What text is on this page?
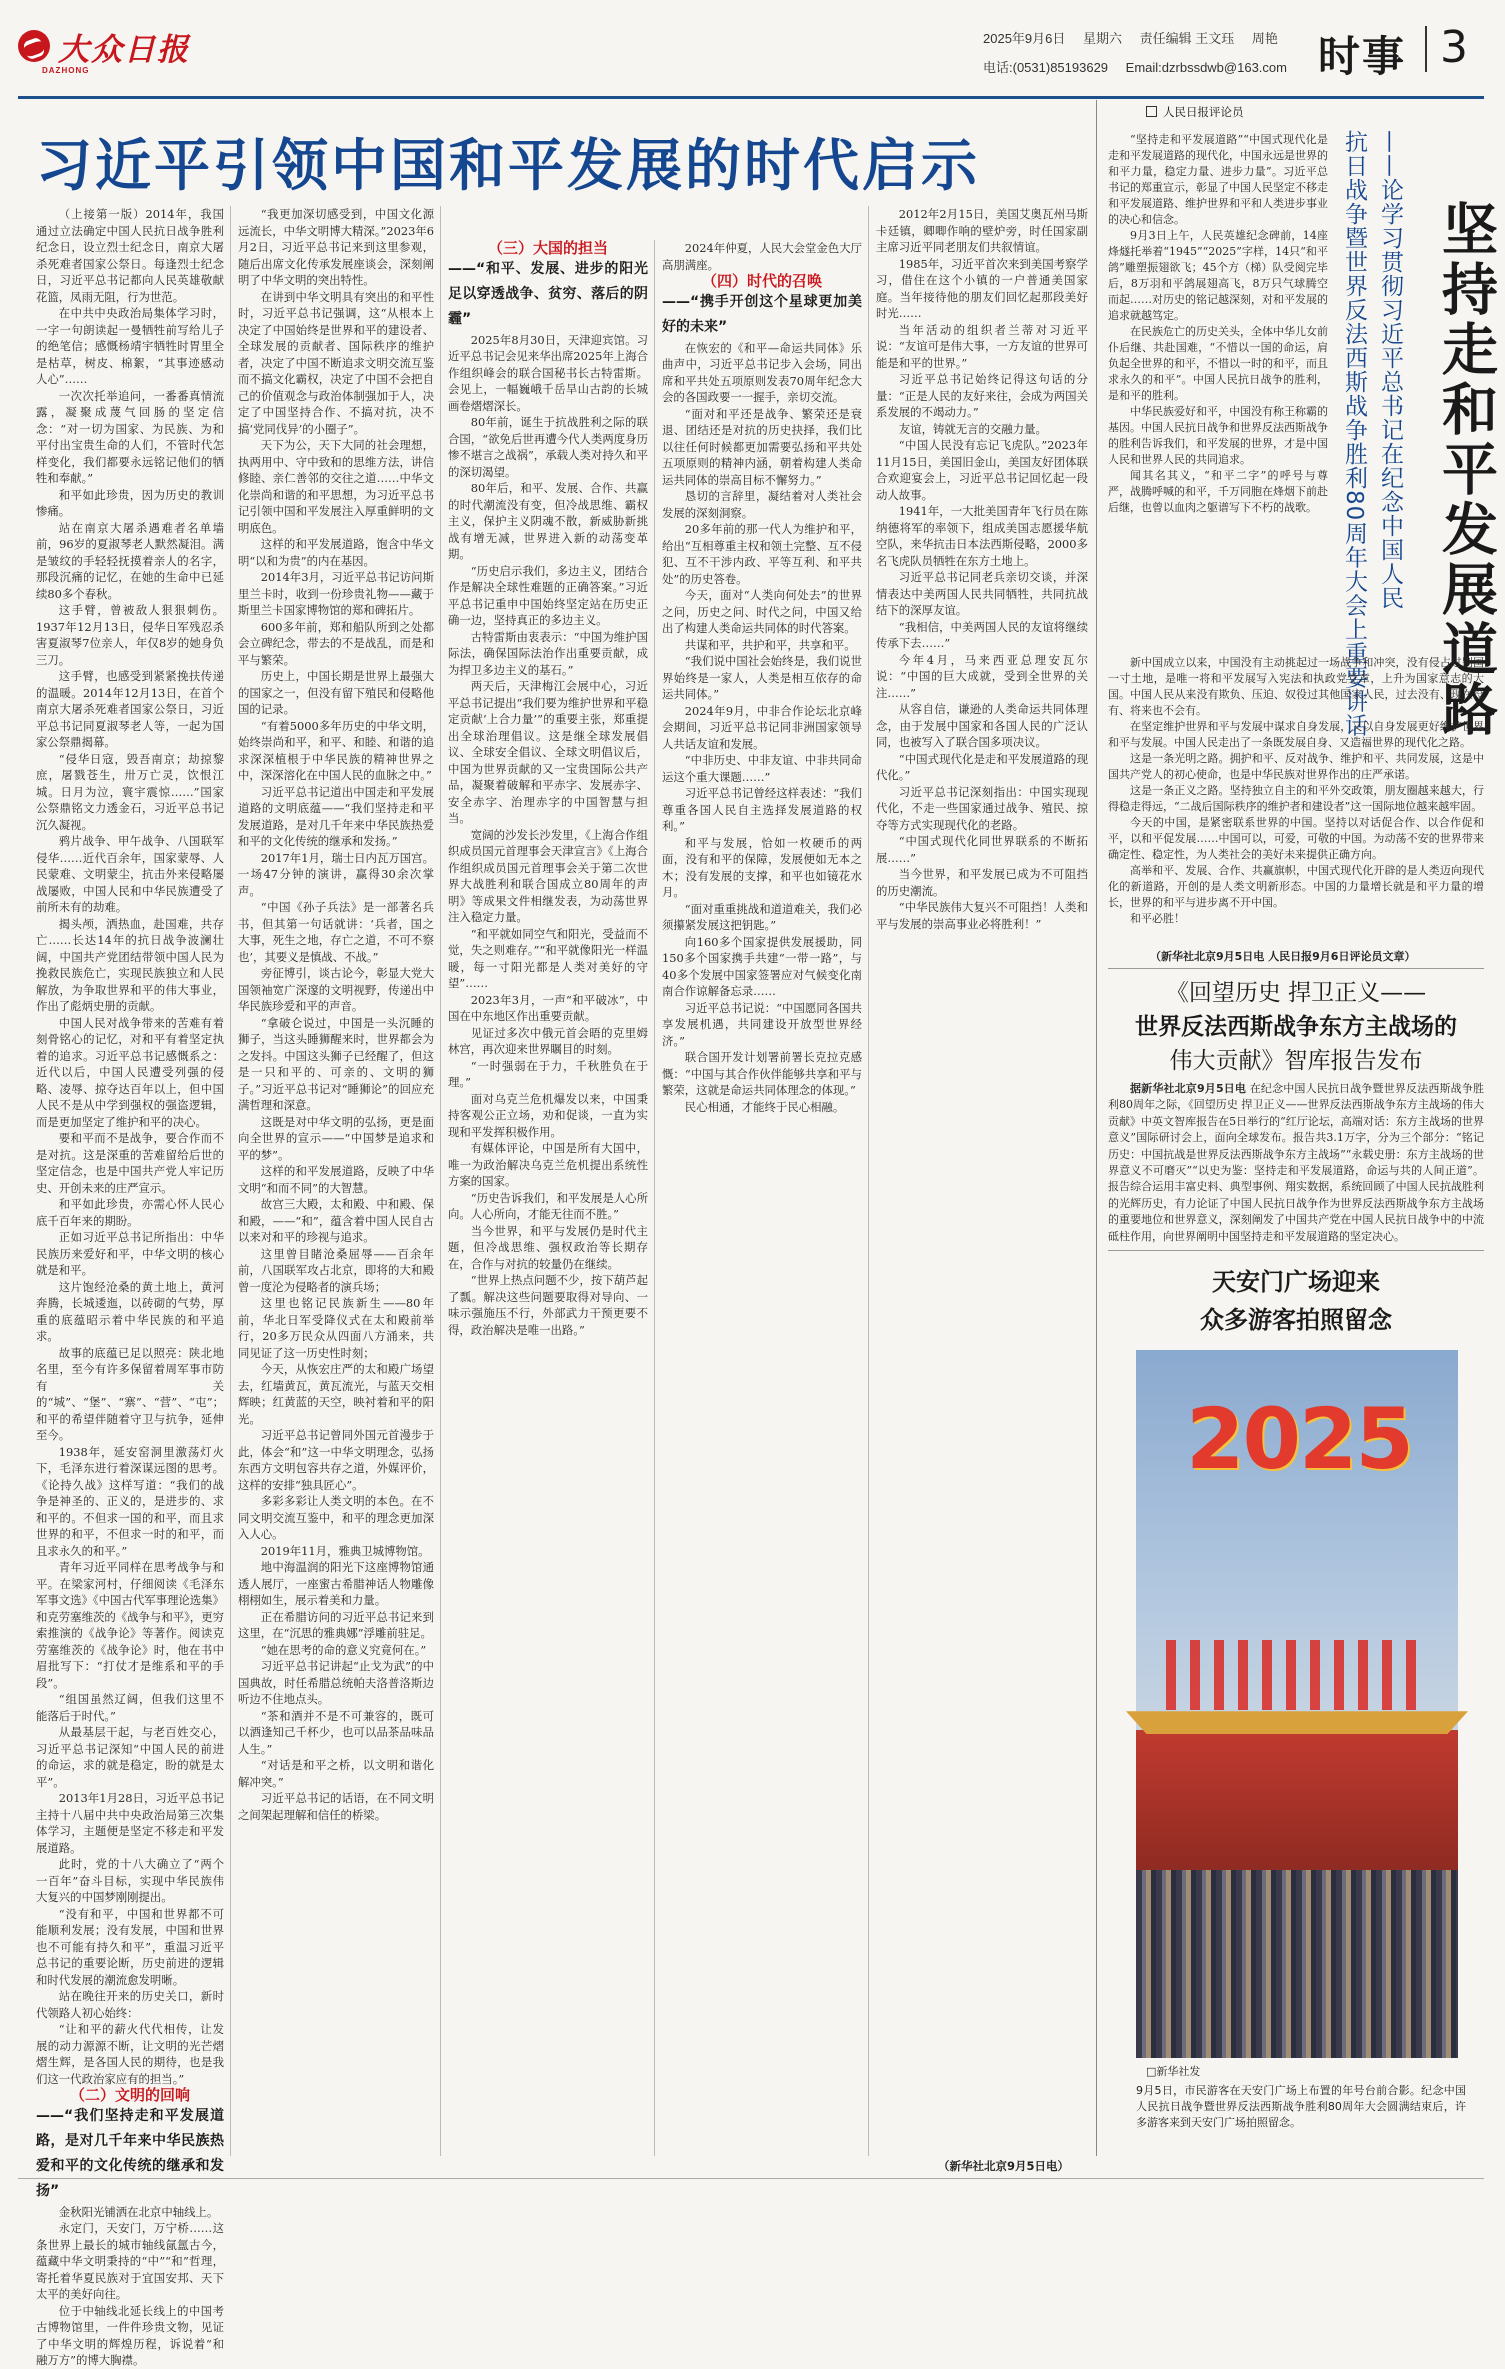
大众日报
DAZHONG
2025年9月6日 星期六 责任编辑 王文珏 周艳
电话:(0531)85193629 Email:dzrbssdwb@163.com 时事 3
习近平引领中国和平发展的时代启示

（上接第一版）2014年，我国通过立法确定中国人民抗日战争胜利纪念日，设立烈士纪念日，南京大屠杀死难者国家公祭日。每逢烈士纪念日，习近平总书记都向人民英雄敬献花篮，凤雨无阻，行为世范。

在中共中央政治局集体学习时，一字一句朗读起一曼牺牲前写给儿子的绝笔信；感慨杨靖宇牺牲时胃里全是枯草，树皮、棉絮，“其事迹感动人心”……

一次次托举追问，一番番真情流露，凝聚成蔑气回肠的坚定信念：“对一切为国家、为民族、为和平付出宝贵生命的人们，不管时代怎样变化，我们都要永远铭记他们的牺牲和奉献。”

和平如此珍贵，因为历史的教训惨痛。

站在南京大屠杀遇难者名单墙前，96岁的夏淑琴老人默然凝泪。满是皱纹的手轻轻抚摸着亲人的名字，那段沉痛的记忆，在她的生命中已延续80多个春秋。

这手臂，曾被敌人狠狠刺伤。1937年12月13日，侵华日军残忍杀害夏淑琴7位亲人，年仅8岁的她身负三刀。

这手臂，也感受到紧紧挽扶传递的温暖。2014年12月13日，在首个南京大屠杀死难者国家公祭日，习近平总书记同夏淑琴老人等，一起为国家公祭鼎揭幕。

“侵华日寇，毁吾南京；劫掠黎庶，屠戮苍生，卅万亡灵，饮恨江城。日月为泣，寰宇震惊……”国家公祭鼎铭文力透金石，习近平总书记沉久凝视。

鸦片战争、甲午战争、八国联军侵华……近代百余年，国家蒙辱、人民蒙难、文明蒙尘，抗击外来侵略屡战屡败，中国人民和中华民族遭受了前所未有的劫难。

揭头颅，洒热血，赴国难，共存亡……长达14年的抗日战争波澜壮阔，中国共产党团结带领中国人民为挽救民族危亡，实现民族独立和人民解放，为争取世界和平的伟大事业，作出了彪炳史册的贡献。

中国人民对战争带来的苦难有着刻骨铭心的记忆，对和平有着坚定执着的追求。习近平总书记感慨系之：近代以后，中国人民遭受列强的侵略、凌辱、掠夺达百年以上，但中国人民不是从中学到强权的强盗逻辑，而是更加坚定了维护和平的决心。

要和平而不是战争，要合作而不是对抗。这是深重的苦难留给后世的坚定信念，也是中国共产党人牢记历史、开创未来的庄严宣示。

和平如此珍贵，亦需心怀人民心底千百年来的期盼。

正如习近平总书记所指出：中华民族历来爱好和平，中华文明的核心就是和平。

这片饱经沧桑的黄土地上，黄河奔腾，长城逶迤，以砖砌的气势，厚重的底蕴昭示着中华民族的和平追求。

故事的底蕴已足以照亮：陕北地名里，至今有许多保留着周军事市防有关的“城”、“堡”、“寨”、“营”、“屯”；和平的希望伴随着守卫与抗争，延伸至今。

1938年，延安窑洞里激荡灯火下，毛泽东进行着深谋远图的思考。《论持久战》这样写道：“我们的战争是神圣的、正义的，是进步的、求和平的。不但求一国的和平，而且求世界的和平，不但求一时的和平，而且求永久的和平。”

青年习近平同样在思考战争与和平。在梁家河村，仔细阅读《毛泽东军事文选》《中国古代军事理论选集》和克劳塞维茨的《战争与和平》，更穷索推演的《战争论》等著作。阅读克劳塞维茨的《战争论》时，他在书中眉批写下：“打仗才是维系和平的手段”。

“组国虽然辽阔，但我们这里不能落后于时代。”

从最基层干起，与老百姓交心，习近平总书记深知“中国人民的前进的命运，求的就是稳定，盼的就是太平”。

2013年1月28日，习近平总书记主持十八届中共中央政治局第三次集体学习，主题便是坚定不移走和平发展道路。

此时，党的十八大确立了“两个一百年”奋斗目标，实现中华民族伟大复兴的中国梦刚刚提出。

“没有和平，中国和世界都不可能顺利发展；没有发展，中国和世界也不可能有持久和平”，重温习近平总书记的重要论断，历史前进的逻辑和时代发展的潮流愈发明晰。

站在晚往开来的历史关口，新时代领路人初心始终：

“让和平的薪火代代相传，让发展的动力源源不断，让文明的光芒熠熠生辉，是各国人民的期待，也是我们这一代政治家应有的担当。”

（二）文明的回响

——“我们坚持走和平发展道路，是对几千年来中华民族热爱和平的文化传统的继承和发扬”

金秋阳光铺洒在北京中轴线上。

永定门，天安门，万宁桥……这条世界上最长的城市轴线氤氲古今，蕴藏中华文明秉持的“中”“和”哲理，寄托着华夏民族对于宜国安邦、天下太平的美好向往。

位于中轴线北延长线上的中国考古博物馆里，一件件珍贵文物，见证了中华文明的辉煌历程，诉说着“和融万方”的博大胸襟。

“我更加深切感受到，中国文化源远流长，中华文明博大精深。”2023年6月2日，习近平总书记来到这里参观，随后出席文化传承发展座谈会，深刻阐明了中华文明的突出特性。

在讲到中华文明具有突出的和平性时，习近平总书记强调，这“从根本上决定了中国始终是世界和平的建设者、全球发展的贡献者、国际秩序的维护者，决定了中国不断追求文明交流互鉴而不搞文化霸权，决定了中国不会把自己的价值观念与政治体制强加于人，决定了中国坚持合作、不搞对抗，决不搞‘党同伐异’的小圈子”。

天下为公，天下大同的社会理想，执两用中、守中致和的思维方法，讲信修睦、亲仁善邻的交往之道……中华文化崇尚和谐的和平思想，为习近平总书记引领中国和平发展注入厚重鲜明的文明底色。

这样的和平发展道路，饱含中华文明“以和为贵”的内在基因。

2014年3月，习近平总书记访问斯里兰卡时，收到一份珍贵礼物——藏于斯里兰卡国家博物馆的郑和碑拓片。

600多年前，郑和船队所到之处都会立碑纪念，带去的不是战乱，而是和平与繁荣。

历史上，中国长期是世界上最强大的国家之一，但没有留下殖民和侵略他国的记录。

“有着5000多年历史的中华文明，始终崇尚和平，和平、和睦、和谐的追求深深植根于中华民族的精神世界之中，深深溶化在中国人民的血脉之中。”

习近平总书记道出中国走和平发展道路的文明底蕴——“我们坚持走和平发展道路，是对几千年来中华民族热爱和平的文化传统的继承和发扬。”

2017年1月，瑞士日内瓦万国宫。一场47分钟的演讲，赢得30余次掌声。

“中国《孙子兵法》是一部著名兵书，但其第一句话就讲：‘兵者，国之大事，死生之地，存亡之道，不可不察也’，其要义是慎战、不战。”

旁征博引，谈古论今，彰显大党大国领袖宽广深邃的文明视野，传递出中华民族珍爱和平的声音。

“拿破仑说过，中国是一头沉睡的狮子，当这头睡狮醒来时，世界都会为之发抖。中国这头狮子已经醒了，但这是一只和平的、可亲的、文明的狮子。”习近平总书记对“睡狮论”的回应充满哲理和深意。

这既是对中华文明的弘扬，更是面向全世界的宣示——“中国梦是追求和平的梦”。

这样的和平发展道路，反映了中华文明“和而不同”的大智慧。

故宫三大殿，太和殿、中和殿、保和殿，——“和”，蕴含着中国人民自古以来对和平的珍视与追求。

这里曾目睹沧桑屈辱——百余年前，八国联军攻占北京，即将的大和殿曾一度沦为侵略者的演兵场；

这里也铭记民族新生——80年前，华北日军受降仪式在太和殿前举行，20多万民众从四面八方涌来，共同见证了这一历史性时刻；

今天，从恢宏庄严的太和殿广场望去，红墙黄瓦，黄瓦流光，与蓝天交相辉映；红黄蓝的天空，映衬着和平的阳光。

习近平总书记曾同外国元首漫步于此，体会“和”这一中华文明理念，弘扬东西方文明包容共存之道，外媒评价，这样的安排“独具匠心”。

多彩多彩让人类文明的本色。在不同文明交流互鉴中，和平的理念更加深入人心。

2019年11月，雅典卫城博物馆。

地中海温润的阳光下这座博物馆通透人展厅，一座蜜古希腊神话人物雕像栩栩如生，展示着美和力量。

正在希腊访问的习近平总书记来到这里，在“沉思的雅典娜”浮雕前驻足。

“她在思考的命的意义究竟何在。”

习近平总书记讲起“止戈为武”的中国典故，时任希腊总统帕夫洛普洛斯边听边不住地点头。

“茶和酒并不是不可兼容的，既可以酒逢知己千杯少，也可以品茶品味品人生。”

“对话是和平之桥，以文明和谐化解冲突。”

习近平总书记的话语，在不同文明之间架起理解和信任的桥梁。

（三）大国的担当

——“和平、发展、进步的阳光足以穿透战争、贫穷、落后的阴霾”

2025年8月30日，天津迎宾馆。习近平总书记会见来华出席2025年上海合作组织峰会的联合国秘书长古特雷斯。会见上，一幅巍峨千岳旱山古韵的长城画卷熠熠深长。

80年前，诞生于抗战胜利之际的联合国，“欲免后世再遭今代人类两度身历惨不堪言之战祸”，承载人类对持久和平的深切渴望。

80年后，和平、发展、合作、共赢的时代潮流没有变，但冷战思维、霸权主义，保护主义阴魂不散，新威胁新挑战有增无减，世界进入新的动荡变革期。

“历史启示我们，多边主义，团结合作是解决全球性难题的正确答案。”习近平总书记重申中国始终坚定站在历史正确一边，坚持真正的多边主义。

古特雷斯由衷表示：“中国为维护国际法，确保国际法治作出重要贡献，成为捍卫多边主义的基石。”

两天后，天津梅江会展中心，习近平总书记提出“我们要为维护世界和平稳定贡献‘上合力量’”的重要主张，郑重提出全球治理倡议。这是继全球发展倡议、全球安全倡议、全球文明倡议后，中国为世界贡献的又一宝贵国际公共产品，凝聚着破解和平赤字、发展赤字、安全赤字、治理赤字的中国智慧与担当。

宽阔的沙发长沙发里，《上海合作组织成员国元首理事会天津宣言》《上海合作组织成员国元首理事会关于第二次世界大战胜利和联合国成立80周年的声明》等成果文件相继发表，为动荡世界注入稳定力量。

“和平就如同空气和阳光，受益而不觉，失之则难存。”“和平就像阳光一样温暖，每一寸阳光都是人类对美好的守望”……

2023年3月，一声“和平破冰”，中国在中东地区作出重要贡献。

见证过多次中俄元首会晤的克里姆林宫，再次迎来世界瞩目的时刻。

“一时强弱在于力，千秋胜负在于理。”

面对乌克兰危机爆发以来，中国秉持客观公正立场，劝和促谈，一直为实现和平发挥积极作用。

有媒体评论，中国是所有大国中，唯一为政治解决乌克兰危机提出系统性方案的国家。

“历史告诉我们，和平发展是人心所向。人心所向，才能无往而不胜。”

当今世界，和平与发展仍是时代主题，但冷战思维、强权政治等长期存在，合作与对抗的较量仍在继续。

“世界上热点问题不少，按下葫芦起了瓢。解决这些问题要取得对导向、一味示强施压不行，外部武力干预更要不得，政治解决是唯一出路。”

2024年仲夏，人民大会堂金色大厅高朋满座。

（四）时代的召唤

——“携手开创这个星球更加美好的未来”

在恢宏的《和平—命运共同体》乐曲声中，习近平总书记步入会场，同出席和平共处五项原则发表70周年纪念大会的各国政要一一握手，亲切交流。

“面对和平还是战争、繁荣还是衰退、团结还是对抗的历史抉择，我们比以往任何时候都更加需要弘扬和平共处五项原则的精神内涵，朝着构建人类命运共同体的崇高目标不懈努力。”

恳切的言辞里，凝结着对人类社会发展的深刻洞察。

20多年前的那一代人为维护和平，给出“互相尊重主权和领土完整、互不侵犯、互不干涉内政、平等互利、和平共处”的历史答卷。

今天，面对“人类向何处去”的世界之问，历史之问、时代之问，中国又给出了构建人类命运共同体的时代答案。

共谋和平，共护和平，共享和平。

“我们说中国社会始终是，我们说世界始终是一家人，人类是相互依存的命运共同体。”

2024年9月，中非合作论坛北京峰会期间，习近平总书记同非洲国家领导人共话友谊和发展。

“中非历史、中非友谊、中非共同命运这个重大课题……”

习近平总书记曾经这样表述：“我们尊重各国人民自主选择发展道路的权利。”

和平与发展，恰如一枚硬币的两面，没有和平的保障，发展便如无本之木；没有发展的支撑，和平也如镜花水月。

“面对重重挑战和道道难关，我们必须攥紧发展这把钥匙。”

向160多个国家提供发展援助，同150多个国家携手共建“一带一路”，与40多个发展中国家签署应对气候变化南南合作谅解备忘录……

习近平总书记说：“中国愿同各国共享发展机遇，共同建设开放型世界经济。”

联合国开发计划署前署长克拉克感慨：“中国与其合作伙伴能够共享和平与繁荣，这就是命运共同体理念的体现。”

民心相通，才能终于民心相融。

2012年2月15日，美国艾奥瓦州马斯卡廷镇，卿唧作响的壁炉旁，时任国家副主席习近平同老朋友们共叙情谊。

1985年，习近平首次来到美国考察学习，借住在这个小镇的一户普通美国家庭。当年接待他的朋友们回忆起那段美好时光……

当年活动的组织者兰蒂对习近平说：“友谊可是伟大事，一方友谊的世界可能是和平的世界。”

习近平总书记始终记得这句话的分量：“正是人民的友好来往，会成为两国关系发展的不竭动力。”

友谊，铸就无言的交融力量。

“中国人民没有忘记飞虎队。”2023年11月15日，美国旧金山，美国友好团体联合欢迎宴会上，习近平总书记回忆起一段动人故事。

1941年，一大批美国青年飞行员在陈纳德将军的率领下，组成美国志愿援华航空队，来华抗击日本法西斯侵略，2000多名飞虎队员牺牲在东方土地上。

习近平总书记同老兵亲切交谈，并深情表达中美两国人民共同牺牲，共同抗战结下的深厚友谊。

“我相信，中美两国人民的友谊将继续传承下去……”

今年4月，马来西亚总理安瓦尔说：“中国的巨大成就，受到全世界的关注……”

从容自信，谦逊的人类命运共同体理念，由于发展中国家和各国人民的广泛认同，也被写入了联合国多项决议。

“中国式现代化是走和平发展道路的现代化。”

习近平总书记深刻指出：中国实现现代化，不走一些国家通过战争、殖民、掠夺等方式实现现代化的老路。

“中国式现代化同世界联系的不断拓展……”

当今世界，和平发展已成为不可阻挡的历史潮流。

“中华民族伟大复兴不可阻挡！人类和平与发展的崇高事业必将胜利！”

（新华社北京9月5日电）
人民日报评论员

“坚持走和平发展道路”“中国式现代化是走和平发展道路的现代化，中国永远是世界的和平力量，稳定力量、进步力量”。习近平总书记的郑重宣示，彰显了中国人民坚定不移走和平发展道路、维护世界和平和人类进步事业的决心和信念。

9月3日上午，人民英雄纪念碑前，14座烽燧托举着“1945”“2025”字样，14只“和平鸽”雕塑振翅欲飞；45个方（梯）队受阅完毕后，8万羽和平鸽展翅高飞，8万只气球腾空而起……对历史的铭记越深刻，对和平发展的追求就越笃定。

在民族危亡的历史关头，全体中华儿女前仆后继、共赴国难，“不惜以一国的命运，肩负起全世界的和平，不惜以一时的和平，而且求永久的和平”。中国人民抗日战争的胜利，是和平的胜利。

中华民族爱好和平，中国没有称王称霸的基因。中国人民抗日战争和世界反法西斯战争的胜利告诉我们，和平发展的世界，才是中国人民和世界人民的共同追求。

闻其名其义，“和平二字”的呼号与尊严，战腾呼喊的和平，千万同胞在烽烟下前赴后继，也曾以血肉之躯谱写下不朽的战歌。	——论学习贯彻习近平总书记在纪念中国人民
抗日战争暨世界反法西斯战争胜利80周年大会上重要讲话 坚持走和平发展道路

新中国成立以来，中国没有主动挑起过一场战争和冲突，没有侵占过别国一寸土地，是唯一将和平发展写入宪法和执政党党章，上升为国家意志的大国。中国人民从来没有欺负、压迫、奴役过其他国家人民，过去没有、现在没有、将来也不会有。

在坚定维护世界和平与发展中谋求自身发展，又以自身发展更好维护世界和平与发展。中国人民走出了一条既发展自身、又造福世界的现代化之路。

这是一条光明之路。拥护和平、反对战争、维护和平、共同发展，这是中国共产党人的初心使命，也是中华民族对世界作出的庄严承诺。

这是一条正义之路。坚持独立自主的和平外交政策，朋友圈越来越大，行得稳走得远，“二战后国际秩序的维护者和建设者”这一国际地位越来越牢固。

今天的中国，是紧密联系世界的中国。坚持以对话促合作、以合作促和平，以和平促发展……中国可以，可爱，可敬的中国。为动荡不安的世界带来确定性、稳定性，为人类社会的美好未来提供正确方向。

高举和平、发展、合作、共赢旗帜，中国式现代化开辟的是人类迈向现代化的新道路，开创的是人类文明新形态。中国的力量增长就是和平力量的增长，世界的和平与进步离不开中国。

和平必胜！

（新华社北京9月5日电 人民日报9月6日评论员文章）
《回望历史 捍卫正义——
世界反法西斯战争东方主战场的
伟大贡献》智库报告发布
据新华社北京9月5日电 在纪念中国人民抗日战争暨世界反法西斯战争胜利80周年之际，《回望历史 捍卫正义——世界反法西斯战争东方主战场的伟大贡献》中英文智库报告在5日举行的“红厅论坛，高端对话：东方主战场的世界意义”国际研讨会上，面向全球发布。报告共3.1万字，分为三个部分：“铭记历史：中国抗战是世界反法西斯战争东方主战场”“永载史册：东方主战场的世界意义不可磨灭”“以史为鉴：坚持走和平发展道路，命运与共的人间正道”。报告综合运用丰富史料、典型事例、翔实数据，系统回顾了中国人民抗战胜利的光辉历史，有力论证了中国人民抗日战争作为世界反法西斯战争东方主战场的重要地位和世界意义，深刻阐发了中国共产党在中国人民抗日战争中的中流砥柱作用，向世界阐明中国坚持走和平发展道路的坚定决心。
天安门广场迎来
众多游客拍照留念
2025
□新华社发
9月5日，市民游客在天安门广场上布置的年号台前合影。纪念中国人民抗日战争暨世界反法西斯战争胜利80周年大会圆满结束后，许多游客来到天安门广场拍照留念。
